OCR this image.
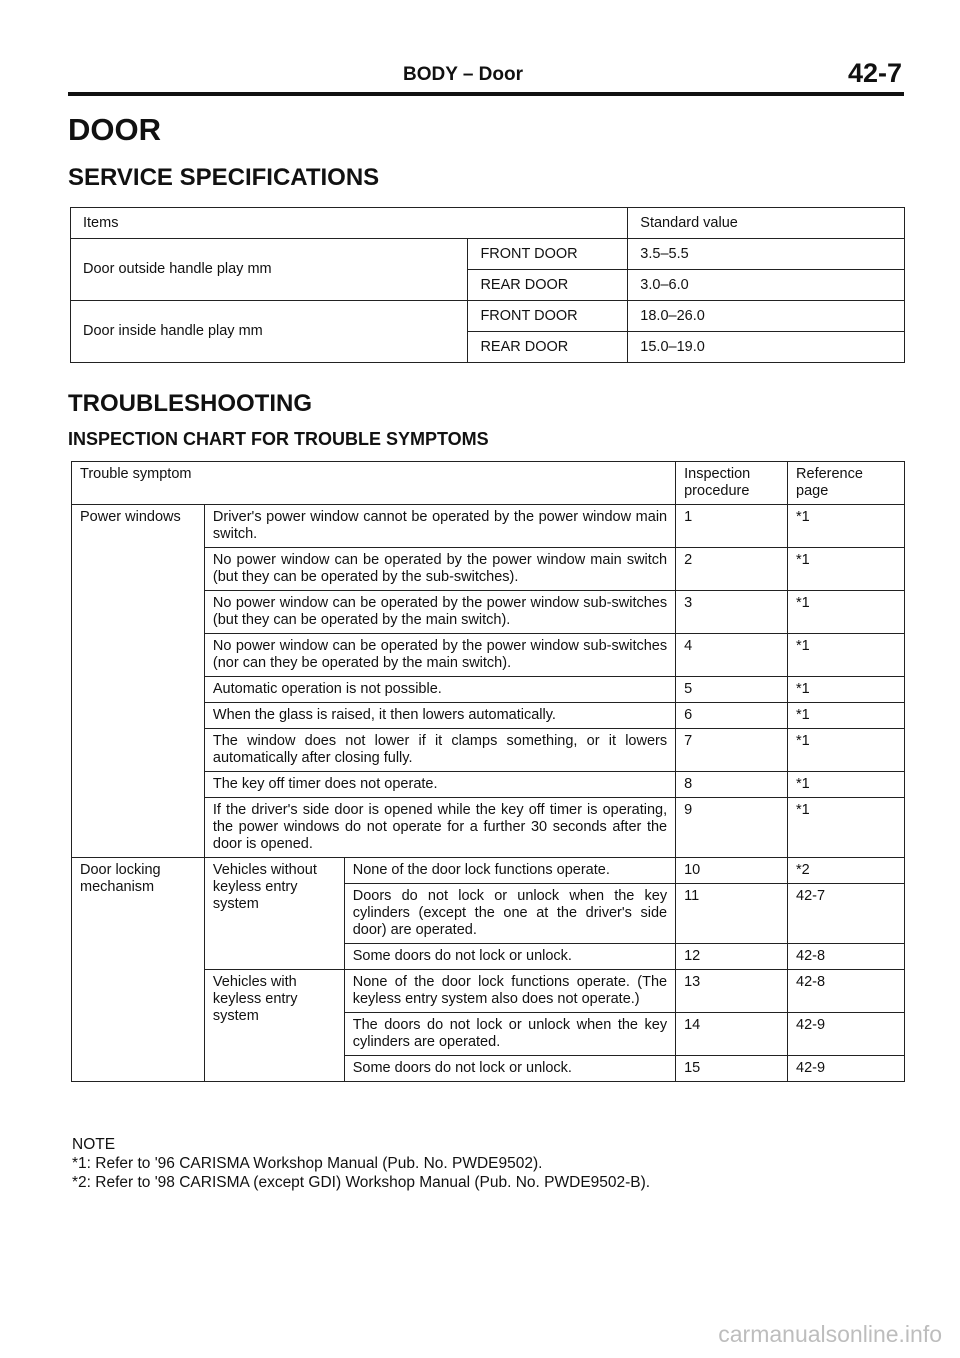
BODY – Door	42-7
DOOR
SERVICE SPECIFICATIONS
Items		Standard value
Door outside handle play mm	FRONT DOOR	3.5–5.5
	REAR DOOR	3.0–6.0
Door inside handle play mm	FRONT DOOR	18.0–26.0
	REAR DOOR	15.0–19.0
TROUBLESHOOTING
INSPECTION CHART FOR TROUBLE SYMPTOMS
Trouble symptom			Inspection procedure	Reference page
Power windows	Driver's power window cannot be operated by the power window main switch.		1	*1
	No power window can be operated by the power window main switch (but they can be operated by the sub-switches).		2	*1
	No power window can be operated by the power window sub-switches (but they can be operated by the main switch).		3	*1
	No power window can be operated by the power window sub-switches (nor can they be operated by the main switch).		4	*1
	Automatic operation is not possible.		5	*1
	When the glass is raised, it then lowers automatically.		6	*1
	The window does not lower if it clamps something, or it lowers automatically after closing fully.		7	*1
	The key off timer does not operate.		8	*1
	If the driver's side door is opened while the key off timer is operating, the power windows do not operate for a further 30 seconds after the door is opened.		9	*1
Door locking mechanism	Vehicles without keyless entry system	None of the door lock functions operate.	10	*2
		Doors do not lock or unlock when the key cylinders (except the one at the driver's side door) are operated.	11	42-7
		Some doors do not lock or unlock.	12	42-8
	Vehicles with keyless entry system	None of the door lock functions operate. (The keyless entry system also does not operate.)	13	42-8
		The doors do not lock or unlock when the key cylinders are operated.	14	42-9
		Some doors do not lock or unlock.	15	42-9
NOTE
*1: Refer to '96 CARISMA Workshop Manual (Pub. No. PWDE9502).
*2: Refer to '98 CARISMA (except GDI) Workshop Manual (Pub. No. PWDE9502-B).
carmanualsonline.info
